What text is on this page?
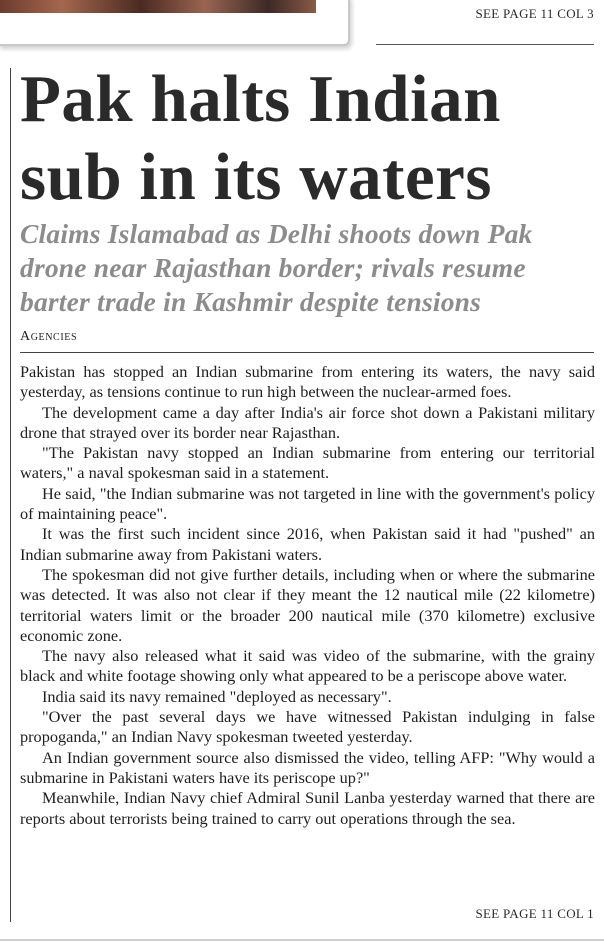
SEE PAGE 11 COL 3
Pak halts Indian
sub in its waters
Claims Islamabad as Delhi shoots down Pak
drone near Rajasthan border; rivals resume
barter trade in Kashmir despite tensions
Agencies

Pakistan has stopped an Indian submarine from entering its waters, the navy said yesterday, as tensions continue to run high between the nuclear-armed foes.

The development came a day after India's air force shot down a Pakistani military drone that strayed over its border near Rajasthan.

"The Pakistan navy stopped an Indian submarine from entering our territorial waters," a naval spokesman said in a statement.

He said, "the Indian submarine was not targeted in line with the government's policy of maintaining peace".

It was the first such incident since 2016, when Pakistan said it had "pushed" an Indian submarine away from Pakistani waters.

The spokesman did not give further details, including when or where the submarine was detected. It was also not clear if they meant the 12 nautical mile (22 kilometre) territorial waters limit or the broader 200 nautical mile (370 kilometre) exclusive economic zone.

The navy also released what it said was video of the submarine, with the grainy black and white footage showing only what appeared to be a periscope above water.

India said its navy remained "deployed as necessary".

"Over the past several days we have witnessed Pakistan indulging in false propoganda," an Indian Navy spokesman tweeted yesterday.

An Indian government source also dismissed the video, telling AFP: "Why would a submarine in Pakistani waters have its periscope up?"

Meanwhile, Indian Navy chief Admiral Sunil Lanba yesterday warned that there are reports about terrorists being trained to carry out operations through the sea.

SEE PAGE 11 COL 1
